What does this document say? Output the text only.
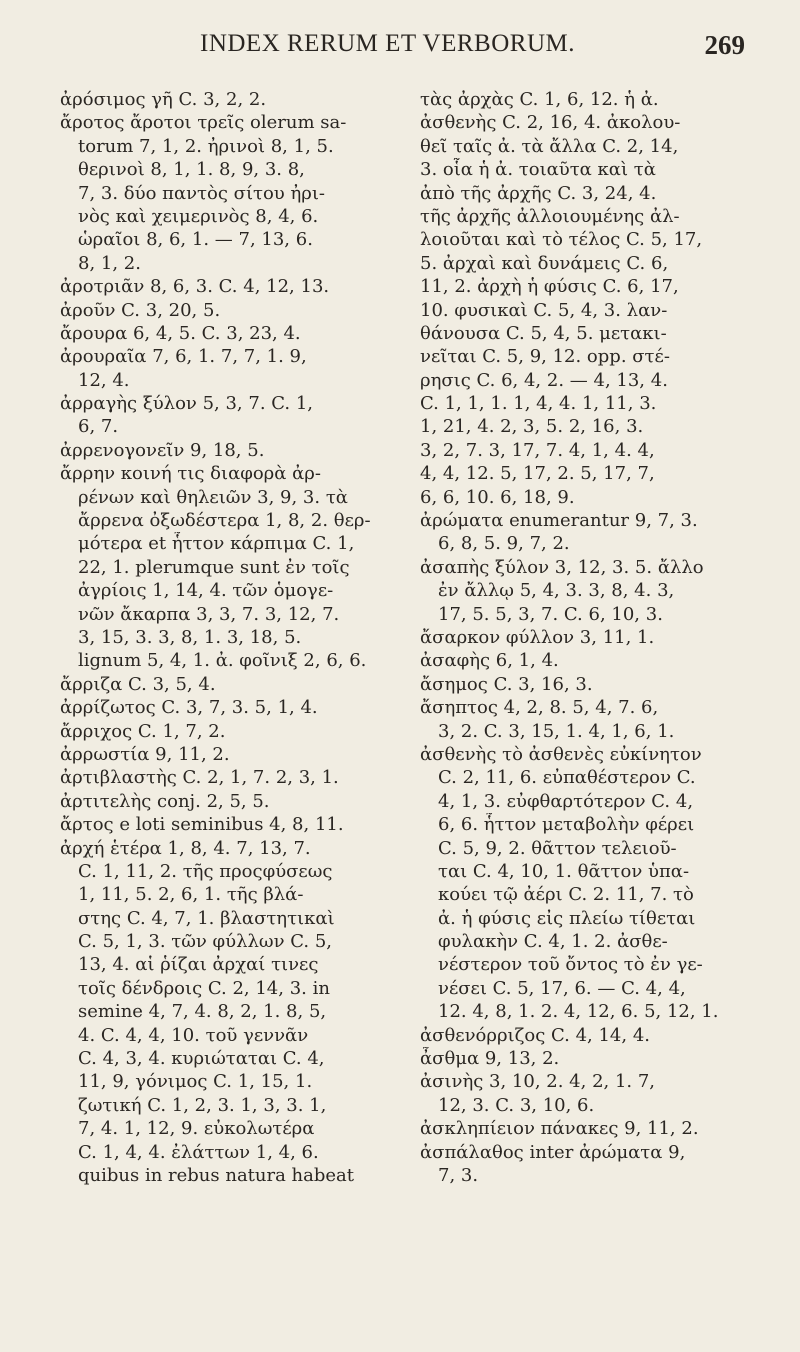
INDEX RERUM ET VERBORUM.	269
ἀρόσιμος γῆ C. 3, 2, 2.
ἄροτος ἄροτοι τρεῖς olerum sa-
torum 7, 1, 2. ἠρινοὶ 8, 1, 5.
θερινοὶ 8, 1, 1. 8, 9, 3. 8,
7, 3. δύο παντὸς σίτου ἠρι-
νὸς καὶ χειμερινὸς 8, 4, 6.
ὡραῖοι 8, 6, 1. — 7, 13, 6.
8, 1, 2.
ἀροτριᾶν 8, 6, 3. C. 4, 12, 13.
ἀροῦν C. 3, 20, 5.
ἄρουρα 6, 4, 5. C. 3, 23, 4.
ἀρουραῖα 7, 6, 1. 7, 7, 1. 9,
12, 4.
ἀρραγὴς ξύλον 5, 3, 7. C. 1,
6, 7.
ἀρρενογονεῖν 9, 18, 5.
ἄρρην κοινή τις διαφορὰ ἀρ-
ρένων καὶ θηλειῶν 3, 9, 3. τὰ
ἄρρενα ὀξωδέστερα 1, 8, 2. θερ-
μότερα et ἧττον κάρπιμα C. 1,
22, 1. plerumque sunt ἐν τοῖς
ἀγρίοις 1, 14, 4. τῶν ὁμογε-
νῶν ἄκαρπα 3, 3, 7. 3, 12, 7.
3, 15, 3. 3, 8, 1. 3, 18, 5.
lignum 5, 4, 1. ἀ. φοῖνιξ 2, 6, 6.
ἄρριζα C. 3, 5, 4.
ἀρρίζωτος C. 3, 7, 3. 5, 1, 4.
ἄρριχος C. 1, 7, 2.
ἀρρωστία 9, 11, 2.
ἀρτιβλαστὴς C. 2, 1, 7. 2, 3, 1.
ἀρτιτελὴς conj. 2, 5, 5.
ἄρτος e loti seminibus 4, 8, 11.
ἀρχή ἑτέρα 1, 8, 4. 7, 13, 7.
C. 1, 11, 2. τῆς προςφύσεως
1, 11, 5. 2, 6, 1. τῆς βλά-
στης C. 4, 7, 1. βλαστητικαὶ
C. 5, 1, 3. τῶν φύλλων C. 5,
13, 4. αἱ ῥίζαι ἀρχαί τινες
τοῖς δένδροις C. 2, 14, 3. in
semine 4, 7, 4. 8, 2, 1. 8, 5,
4. C. 4, 4, 10. τοῦ γεννᾶν
C. 4, 3, 4. κυριώταται C. 4,
11, 9, γόνιμος C. 1, 15, 1.
ζωτική C. 1, 2, 3. 1, 3, 3. 1,
7, 4. 1, 12, 9. εὐκολωτέρα
C. 1, 4, 4. ἐλάττων 1, 4, 6.
quibus in rebus natura habeat
τὰς ἀρχὰς C. 1, 6, 12. ἡ ἀ.
ἀσθενὴς C. 2, 16, 4. ἀκολου-
θεῖ ταῖς ἀ. τὰ ἄλλα C. 2, 14,
3. οἷα ἡ ἀ. τοιαῦτα καὶ τὰ
ἀπὸ τῆς ἀρχῆς C. 3, 24, 4.
τῆς ἀρχῆς ἀλλοιουμένης ἀλ-
λοιοῦται καὶ τὸ τέλος C. 5, 17,
5. ἀρχαὶ καὶ δυνάμεις C. 6,
11, 2. ἀρχὴ ἡ φύσις C. 6, 17,
10. φυσικαὶ C. 5, 4, 3. λαν-
θάνουσα C. 5, 4, 5. μετακι-
νεῖται C. 5, 9, 12. opp. στέ-
ρησις C. 6, 4, 2. — 4, 13, 4.
C. 1, 1, 1. 1, 4, 4. 1, 11, 3.
1, 21, 4. 2, 3, 5. 2, 16, 3.
3, 2, 7. 3, 17, 7. 4, 1, 4. 4,
4, 4, 12. 5, 17, 2. 5, 17, 7,
6, 6, 10. 6, 18, 9.
ἀρώματα enumerantur 9, 7, 3.
6, 8, 5. 9, 7, 2.
ἀσαπὴς ξύλον 3, 12, 3. 5. ἄλλο
ἐν ἄλλῳ 5, 4, 3. 3, 8, 4. 3,
17, 5. 5, 3, 7. C. 6, 10, 3.
ἄσαρκον φύλλον 3, 11, 1.
ἀσαφὴς 6, 1, 4.
ἄσημος C. 3, 16, 3.
ἄσηπτος 4, 2, 8. 5, 4, 7. 6,
3, 2. C. 3, 15, 1. 4, 1, 6, 1.
ἀσθενὴς τὸ ἀσθενὲς εὐκίνητον
C. 2, 11, 6. εὐπαθέστερον C.
4, 1, 3. εὐφθαρτότερον C. 4,
6, 6. ἧττον μεταβολὴν φέρει
C. 5, 9, 2. θᾶττον τελειοῦ-
ται C. 4, 10, 1. θᾶττον ὑπα-
κούει τῷ ἀέρι C. 2. 11, 7. τὸ
ἀ. ἡ φύσις εἰς πλείω τίθεται
φυλακὴν C. 4, 1. 2. ἀσθε-
νέστερον τοῦ ὄντος τὸ ἐν γε-
νέσει C. 5, 17, 6. — C. 4, 4,
12. 4, 8, 1. 2. 4, 12, 6. 5, 12, 1.
ἀσθενόρριζος C. 4, 14, 4.
ἆσθμα 9, 13, 2.
ἀσινὴς 3, 10, 2. 4, 2, 1. 7,
12, 3. C. 3, 10, 6.
ἀσκληπίειον πάνακες 9, 11, 2.
ἀσπάλαθος inter ἀρώματα 9,
7, 3.
